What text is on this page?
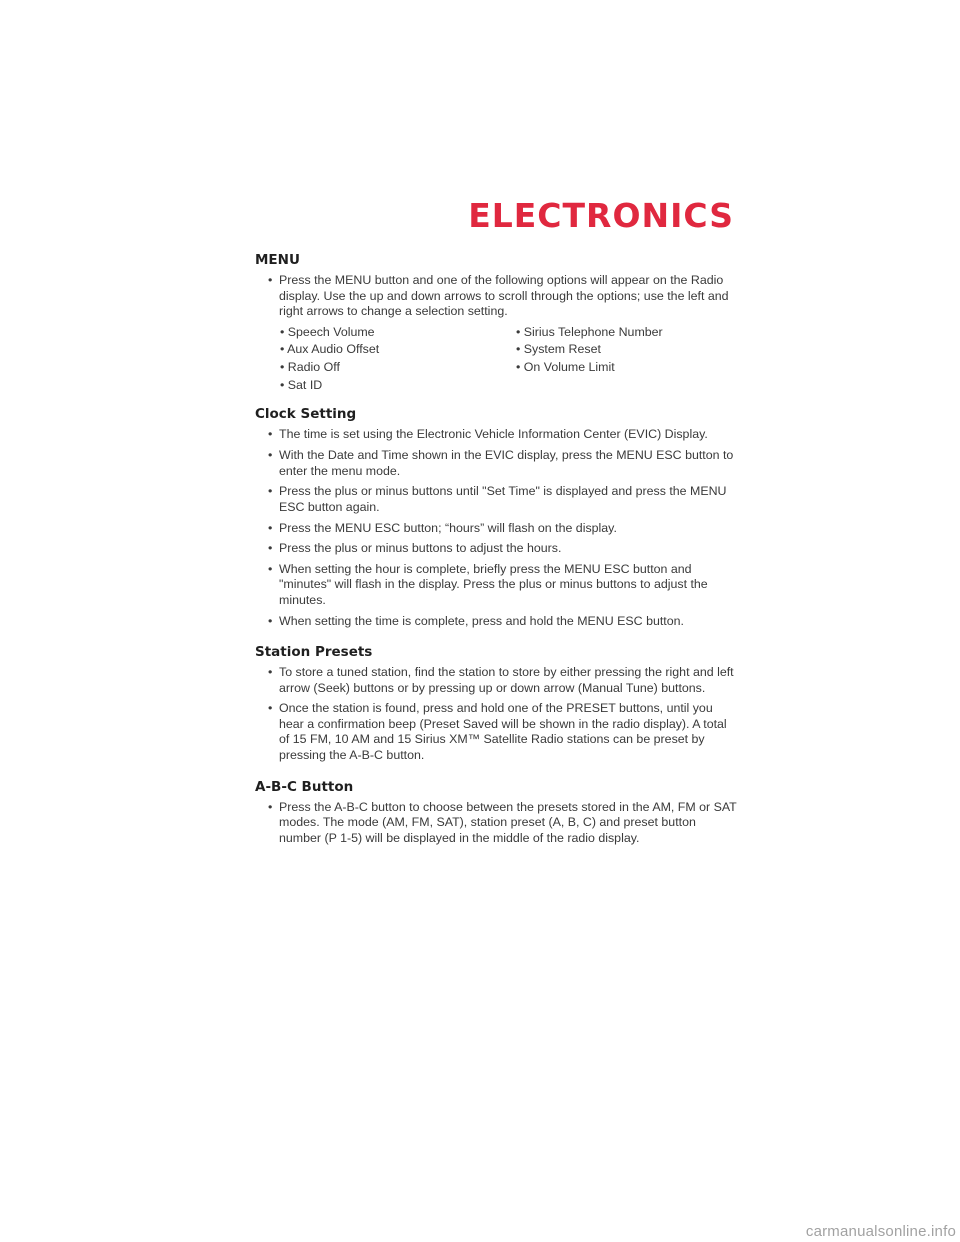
ELECTRONICS
MENU
• Press the MENU button and one of the following options will appear on the Radio display. Use the up and down arrows to scroll through the options; use the left and right arrows to change a selection setting.
• Speech Volume
• Aux Audio Offset
• Radio Off
• Sat ID
• Sirius Telephone Number
• System Reset
• On Volume Limit
Clock Setting
• The time is set using the Electronic Vehicle Information Center (EVIC) Display.
• With the Date and Time shown in the EVIC display, press the MENU ESC button to enter the menu mode.
• Press the plus or minus buttons until "Set Time" is displayed and press the MENU ESC button again.
• Press the MENU ESC button; “hours” will flash on the display.
• Press the plus or minus buttons to adjust the hours.
• When setting the hour is complete, briefly press the MENU ESC button and "minutes" will flash in the display. Press the plus or minus buttons to adjust the minutes.
• When setting the time is complete, press and hold the MENU ESC button.
Station Presets
• To store a tuned station, find the station to store by either pressing the right and left arrow (Seek) buttons or by pressing up or down arrow (Manual Tune) buttons.
• Once the station is found, press and hold one of the PRESET buttons, until you hear a confirmation beep (Preset Saved will be shown in the radio display). A total of 15 FM, 10 AM and 15 Sirius XM™ Satellite Radio stations can be preset by pressing the A-B-C button.
A-B-C Button
• Press the A-B-C button to choose between the presets stored in the AM, FM or SAT modes. The mode (AM, FM, SAT), station preset (A, B, C) and preset button number (P 1-5) will be displayed in the middle of the radio display.
carmanualsonline.info
